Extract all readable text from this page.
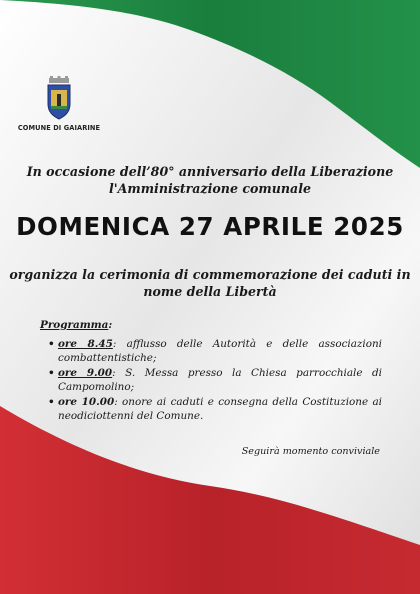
COMUNE DI GAIARINE
In occasione dell’80° anniversario della Liberazione
l'Amministrazione comunale
DOMENICA 27 APRILE 2025
organizza la cerimonia di commemorazione dei caduti in
nome della Libertà
Programma:
• ore 8.45: afflusso delle Autorità e delle associazioni combattentistiche;
• ore 9.00: S. Messa presso la Chiesa parrocchiale di Campomolino;
• ore 10.00: onore ai caduti e consegna della Costituzione ai neodiciottenni del Comune.
Seguirà momento conviviale
